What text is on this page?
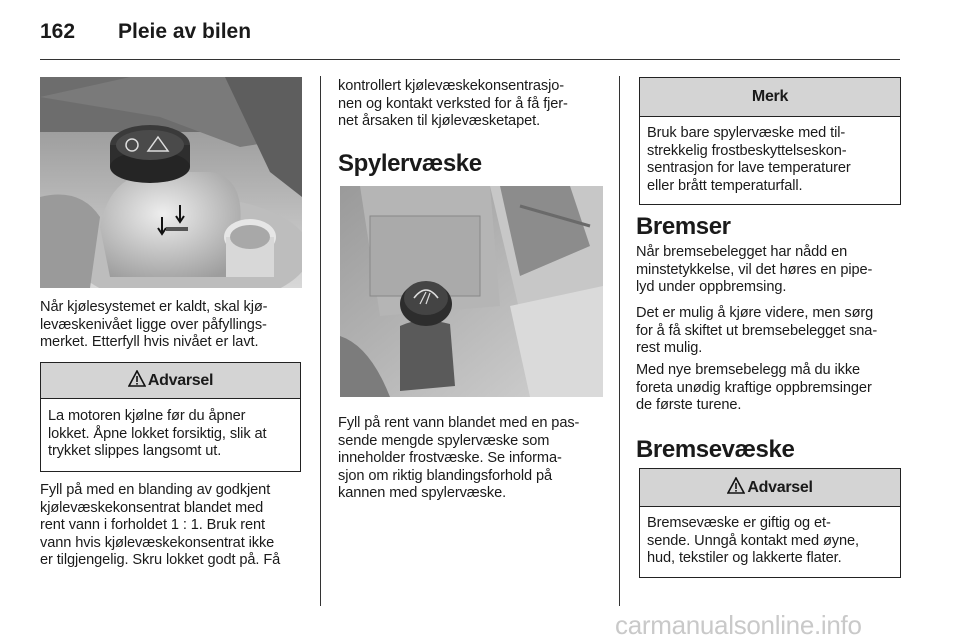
162 Pleie av bilen

Når kjølesystemet er kaldt, skal kjø-
levæskenivået ligge over påfyllings-
merket. Etterfyll hvis nivået er lavt.

Advarsel
La motoren kjølne før du åpner
lokket. Åpne lokket forsiktig, slik at
trykket slippes langsomt ut.

Fyll på med en blanding av godkjent
kjølevæskekonsentrat blandet med
rent vann i forholdet 1 : 1. Bruk rent
vann hvis kjølevæskekonsentrat ikke
er tilgjengelig. Skru lokket godt på. Få

kontrollert kjølevæskekonsentrasjo-
nen og kontakt verksted for å få fjer-
net årsaken til kjølevæsketapet.

Spylervæske

Fyll på rent vann blandet med en pas-
sende mengde spylervæske som
inneholder frostvæske. Se informa-
sjon om riktig blandingsforhold på
kannen med spylervæske.

Merk
Bruk bare spylervæske med til-
strekkelig frostbeskyttelseskon-
sentrasjon for lave temperaturer
eller brått temperaturfall.
Bremser

Når bremsebelegget har nådd en
minstetykkelse, vil det høres en pipe-
lyd under oppbremsing.

Det er mulig å kjøre videre, men sørg
for å få skiftet ut bremsebelegget sna-
rest mulig.

Med nye bremsebelegg må du ikke
foreta unødig kraftige oppbremsinger
de første turene.

Bremsevæske
Advarsel
Bremsevæske er giftig og et-
sende. Unngå kontakt med øyne,
hud, tekstiler og lakkerte flater.
carmanualsonline.info
